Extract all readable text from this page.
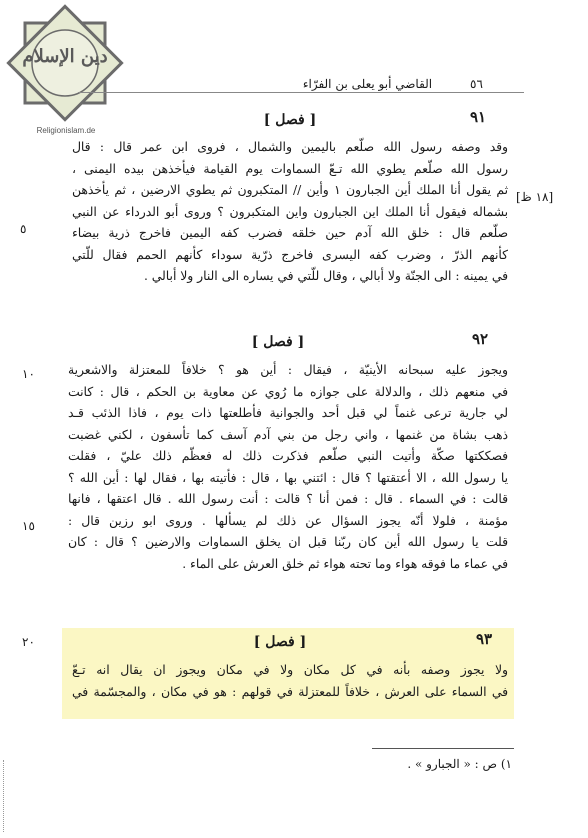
دين الإسلام
Religionislam.de
٥٦
القاضي أبو يعلى بن الفرّاء
[١٨ ظ]
٥
١٠
١٥
٢٠
٩١
[ فصل ]
وقد وصفه رسول الله صلّعم باليمين والشمال ، فروى ابن عمر قال : قال
رسول الله صلّعم يطوي الله تـعّ السماوات يوم القيامة فيأخذهن بيده اليمنى ،
ثم يقول أنا الملك أين الجبارون ١ وأين // المتكبرون ثم يطوي الارضين ، ثم يأخذهن
بشماله فيقول أنا الملك اين الجبارون واين المتكبرون ؟ وروى أبو الدرداء عن النبي
صلّعم قال : خلق الله آدم حين خلقه فضرب كفه اليمين فاخرج ذرية بيضاء
كأنهم الذرّ ، وضرب كفه اليسرى فاخرج ذرّية سوداء كأنهم الحمم فقال للّتي
في يمينه : الى الجنّة ولا أبالي ، وقال للّتي في يساره الى النار ولا أبالي .
٩٢
[ فصل ]
ويجوز عليه سبحانه الأينيّة ، فيقال : أين هو ؟ خلافاً للمعتزلة والاشعرية
في منعهم ذلك ، والدلالة على جوازه ما رُوي عن معاوية بن الحكم ، قال : كانت
لي جارية ترعى غنماً لي قبل أحد والجوانية فأطلعتها ذات يوم ، فاذا الذئب قـد
ذهب بشاة من غنمها ، واني رجل من بني آدم آسف كما تأسفون ، لكني غضبت
فصككتها صكّة وأتيت النبي صلّعم فذكرت ذلك له فعظّم ذلك عليّ ، فقلت
يا رسول الله ، الا أعتقتها ؟ قال : ائتني بها ، قال : فأتيته بها ، فقال لها : أين الله ؟
قالت : في السماء . قال : فمن أنا ؟ قالت : أنت رسول الله . قال اعتقها ، فانها
مؤمنة ، فلولا أنّه يجوز السؤال عن ذلك لم يسألها . وروى ابو رزين قال :
قلت يا رسول الله أين كان ربّنا قبل ان يخلق السماوات والارضين ؟ قال : كان
في عماء ما فوقه هواء وما تحته هواء ثم خلق العرش على الماء .
٩٣
[ فصل ]
ولا يجوز وصفه بأنه في كل مكان ولا في مكان ويجوز ان يقال انه تـعّ
في السماء على العرش ، خلافاً للمعتزلة في قولهم : هو في مكان ، والمجسّمة في
١) ص : « الجبارو » .
